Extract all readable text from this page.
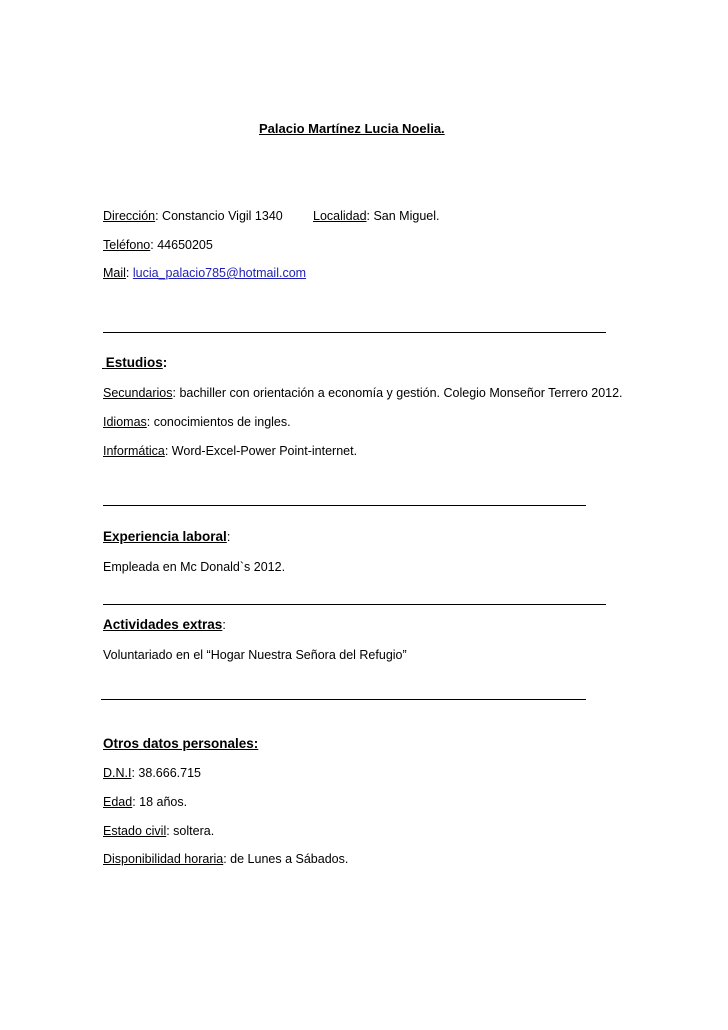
Palacio Martínez Lucia Noelia.
Dirección: Constancio Vigil 1340 Localidad: San Miguel.
Teléfono: 44650205
Mail: lucia_palacio785@hotmail.com
Estudios:
Secundarios: bachiller con orientación a economía y gestión. Colegio Monseñor Terrero 2012.
Idiomas: conocimientos de ingles.
Informática: Word-Excel-Power Point-internet.
Experiencia laboral:
Empleada en Mc Donald`s 2012.
Actividades extras:
Voluntariado en el “Hogar Nuestra Señora del Refugio”
Otros datos personales:
D.N.I: 38.666.715
Edad: 18 años.
Estado civil: soltera.
Disponibilidad horaria: de Lunes a Sábados.
